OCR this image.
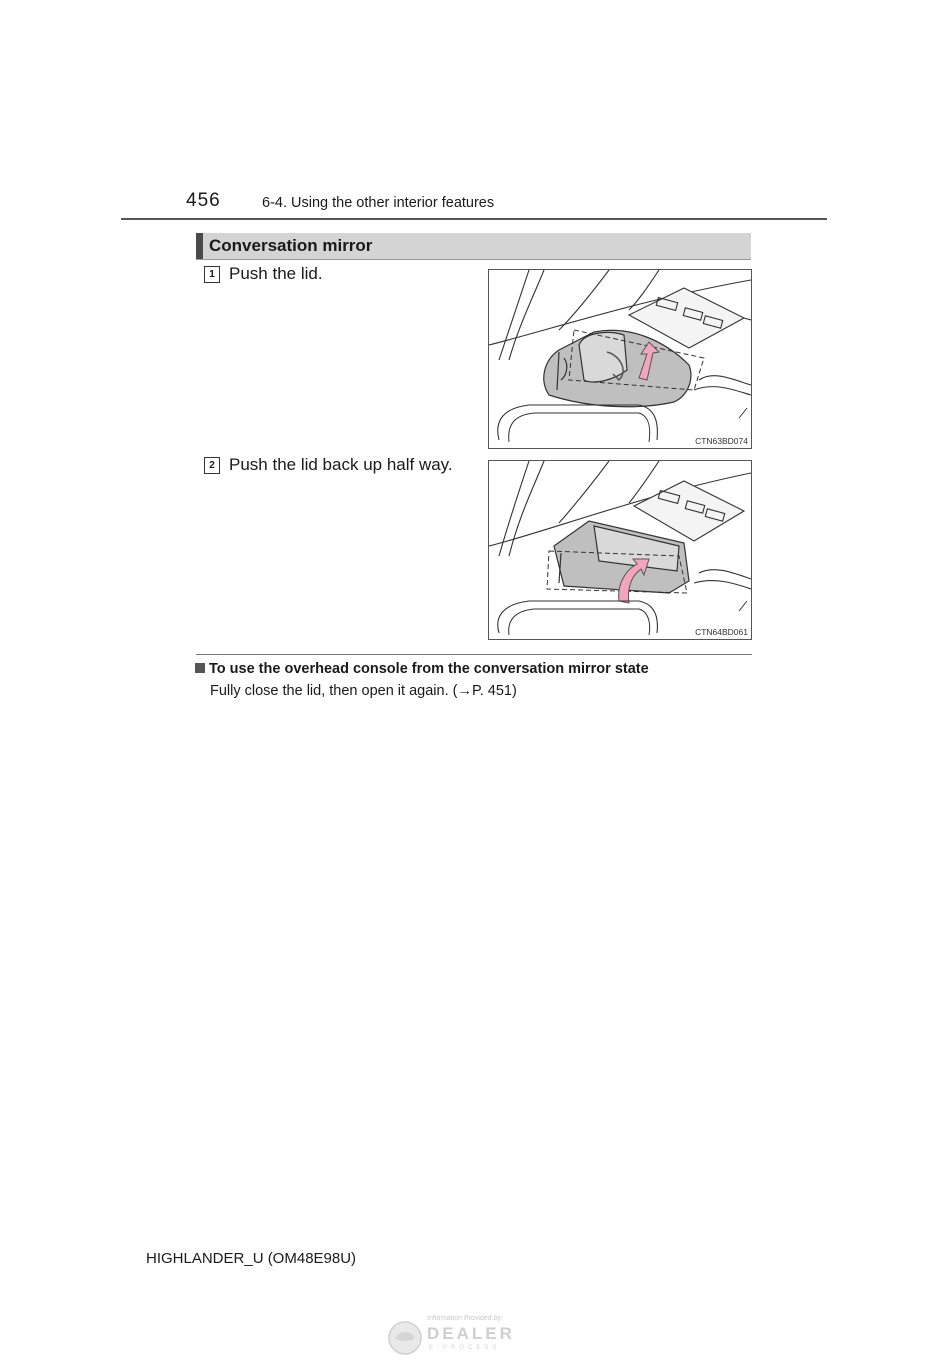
456	6-4. Using the other interior features
Conversation mirror
1 Push the lid.
CTN63BD074
2 Push the lid back up half way.
CTN64BD061
To use the overhead console from the conversation mirror state
Fully close the lid, then open it again. (→P. 451)
HIGHLANDER_U (OM48E98U)
Information Provided by:
DEALER
E-PROCESS
